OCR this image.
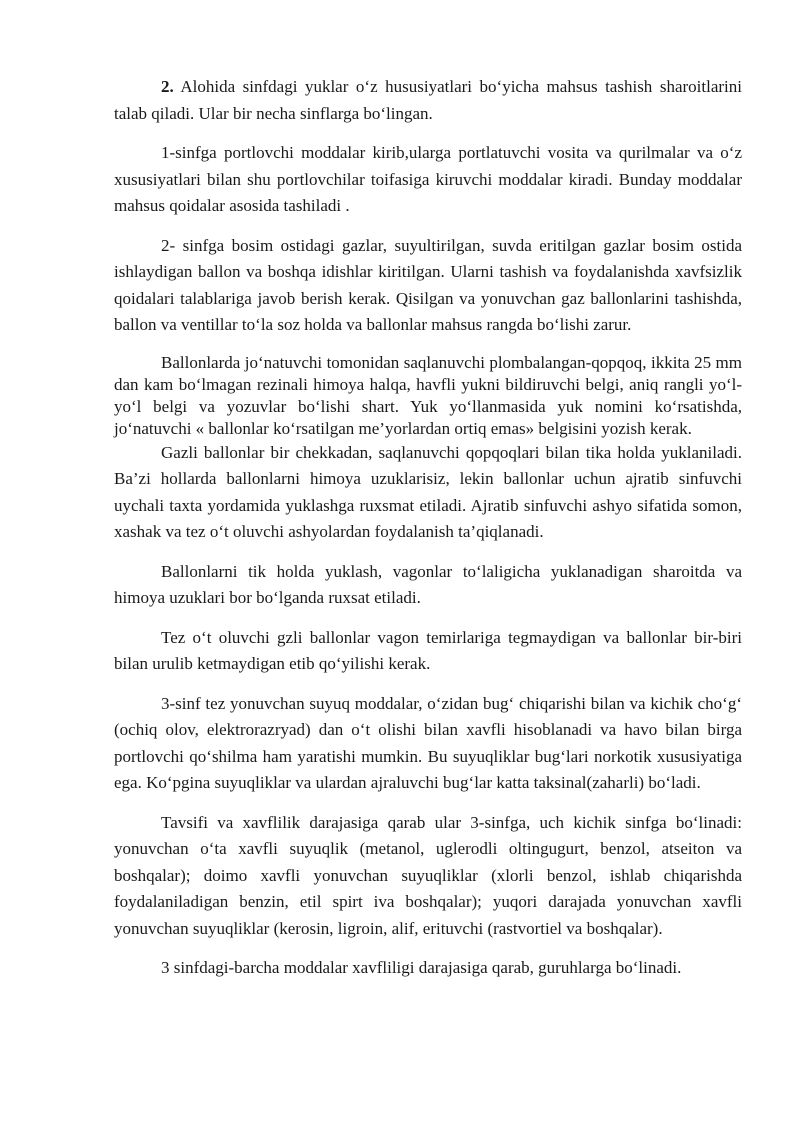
2. Alohida sinfdagi yuklar o‘z hususiyatlari bo‘yicha mahsus tashish sharoitlarini talab qiladi. Ular bir necha sinflarga bo‘lingan.

1-sinfga portlovchi moddalar kirib,ularga portlatuvchi vosita va qurilmalar va o‘z xususiyatlari bilan shu portlovchilar toifasiga kiruvchi moddalar kiradi. Bunday moddalar mahsus qoidalar asosida tashiladi .

2- sinfga bosim ostidagi gazlar, suyultirilgan, suvda eritilgan gazlar bosim ostida ishlaydigan ballon va boshqa idishlar kiritilgan. Ularni tashish va foydalanishda xavfsizlik qoidalari talablariga javob berish kerak. Qisilgan va yonuvchan gaz ballonlarini tashishda, ballon va ventillar to‘la soz holda va ballonlar mahsus rangda bo‘lishi zarur.

Ballonlarda jo‘natuvchi tomonidan saqlanuvchi plombalangan-qopqoq, ikkita 25 mm dan kam bo‘lmagan rezinali himoya halqa, havfli yukni bildiruvchi belgi, aniq rangli yo‘l-yo‘l belgi va yozuvlar bo‘lishi shart. Yuk yo‘llanmasida yuk nomini ko‘rsatishda, jo‘natuvchi « ballonlar ko‘rsatilgan me’yorlardan ortiq emas» belgisini yozish kerak.

Gazli ballonlar bir chekkadan, saqlanuvchi qopqoqlari bilan tika holda yuklaniladi. Ba’zi hollarda ballonlarni himoya uzuklarisiz, lekin ballonlar uchun ajratib sinfuvchi uychali taxta yordamida yuklashga ruxsmat etiladi. Ajratib sinfuvchi ashyo sifatida somon, xashak va tez o‘t oluvchi ashyolardan foydalanish ta’qiqlanadi.

Ballonlarni tik holda yuklash, vagonlar to‘laligicha yuklanadigan sharoitda va himoya uzuklari bor bo‘lganda ruxsat etiladi.

Tez o‘t oluvchi gzli ballonlar vagon temirlariga tegmaydigan va ballonlar bir-biri bilan urulib ketmaydigan etib qo‘yilishi kerak.

3-sinf tez yonuvchan suyuq moddalar, o‘zidan bug‘ chiqarishi bilan va kichik cho‘g‘ (ochiq olov, elektrorazryad) dan o‘t olishi bilan xavfli hisoblanadi va havo bilan birga portlovchi qo‘shilma ham yaratishi mumkin. Bu suyuqliklar bug‘lari norkotik xususiyatiga ega. Ko‘pgina suyuqliklar va ulardan ajraluvchi bug‘lar katta taksinal(zaharli) bo‘ladi.

Tavsifi va xavflilik darajasiga qarab ular 3-sinfga, uch kichik sinfga bo‘linadi: yonuvchan o‘ta xavfli suyuqlik (metanol, uglerodli oltingugurt, benzol, atseiton va boshqalar); doimo xavfli yonuvchan suyuqliklar (xlorli benzol, ishlab chiqarishda foydalaniladigan benzin, etil spirt iva boshqalar); yuqori darajada yonuvchan xavfli yonuvchan suyuqliklar (kerosin, ligroin, alif, erituvchi (rastvortiel va boshqalar).

3 sinfdagi-barcha moddalar xavfliligi darajasiga qarab, guruhlarga bo‘linadi.
